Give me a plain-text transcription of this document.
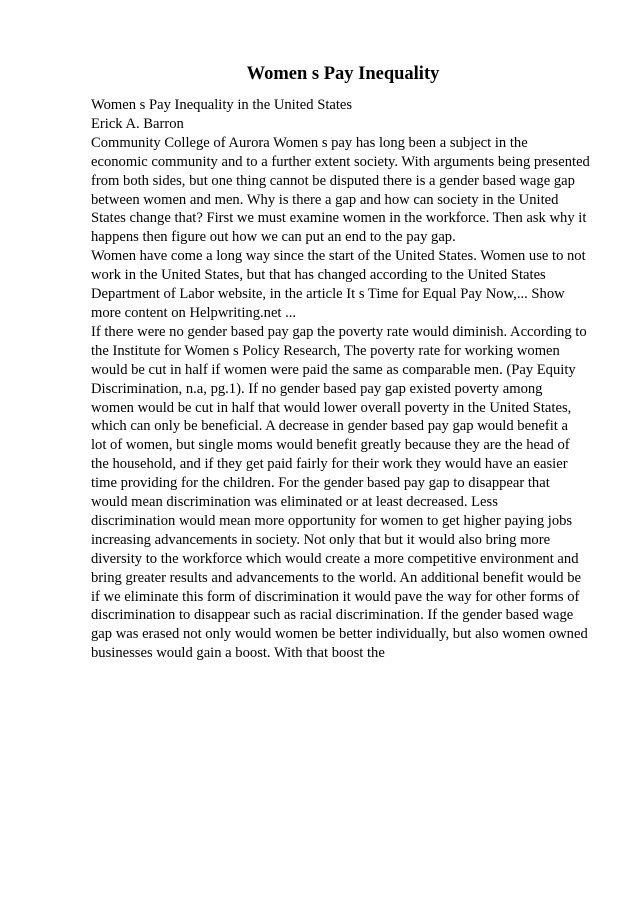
Women s Pay Inequality
Women s Pay Inequality in the United States
Erick A. Barron
Community College of Aurora Women s pay has long been a subject in the
economic community and to a further extent society. With arguments being presented
from both sides, but one thing cannot be disputed there is a gender based wage gap
between women and men. Why is there a gap and how can society in the United
States change that? First we must examine women in the workforce. Then ask why it
happens then figure out how we can put an end to the pay gap.
Women have come a long way since the start of the United States. Women use to not
work in the United States, but that has changed according to the United States
Department of Labor website, in the article It s Time for Equal Pay Now,... Show
more content on Helpwriting.net ...
If there were no gender based pay gap the poverty rate would diminish. According to
the Institute for Women s Policy Research, The poverty rate for working women
would be cut in half if women were paid the same as comparable men. (Pay Equity
Discrimination, n.a, pg.1). If no gender based pay gap existed poverty among
women would be cut in half that would lower overall poverty in the United States,
which can only be beneficial. A decrease in gender based pay gap would benefit a
lot of women, but single moms would benefit greatly because they are the head of
the household, and if they get paid fairly for their work they would have an easier
time providing for the children. For the gender based pay gap to disappear that
would mean discrimination was eliminated or at least decreased. Less
discrimination would mean more opportunity for women to get higher paying jobs
increasing advancements in society. Not only that but it would also bring more
diversity to the workforce which would create a more competitive environment and
bring greater results and advancements to the world. An additional benefit would be
if we eliminate this form of discrimination it would pave the way for other forms of
discrimination to disappear such as racial discrimination. If the gender based wage
gap was erased not only would women be better individually, but also women owned
businesses would gain a boost. With that boost the
